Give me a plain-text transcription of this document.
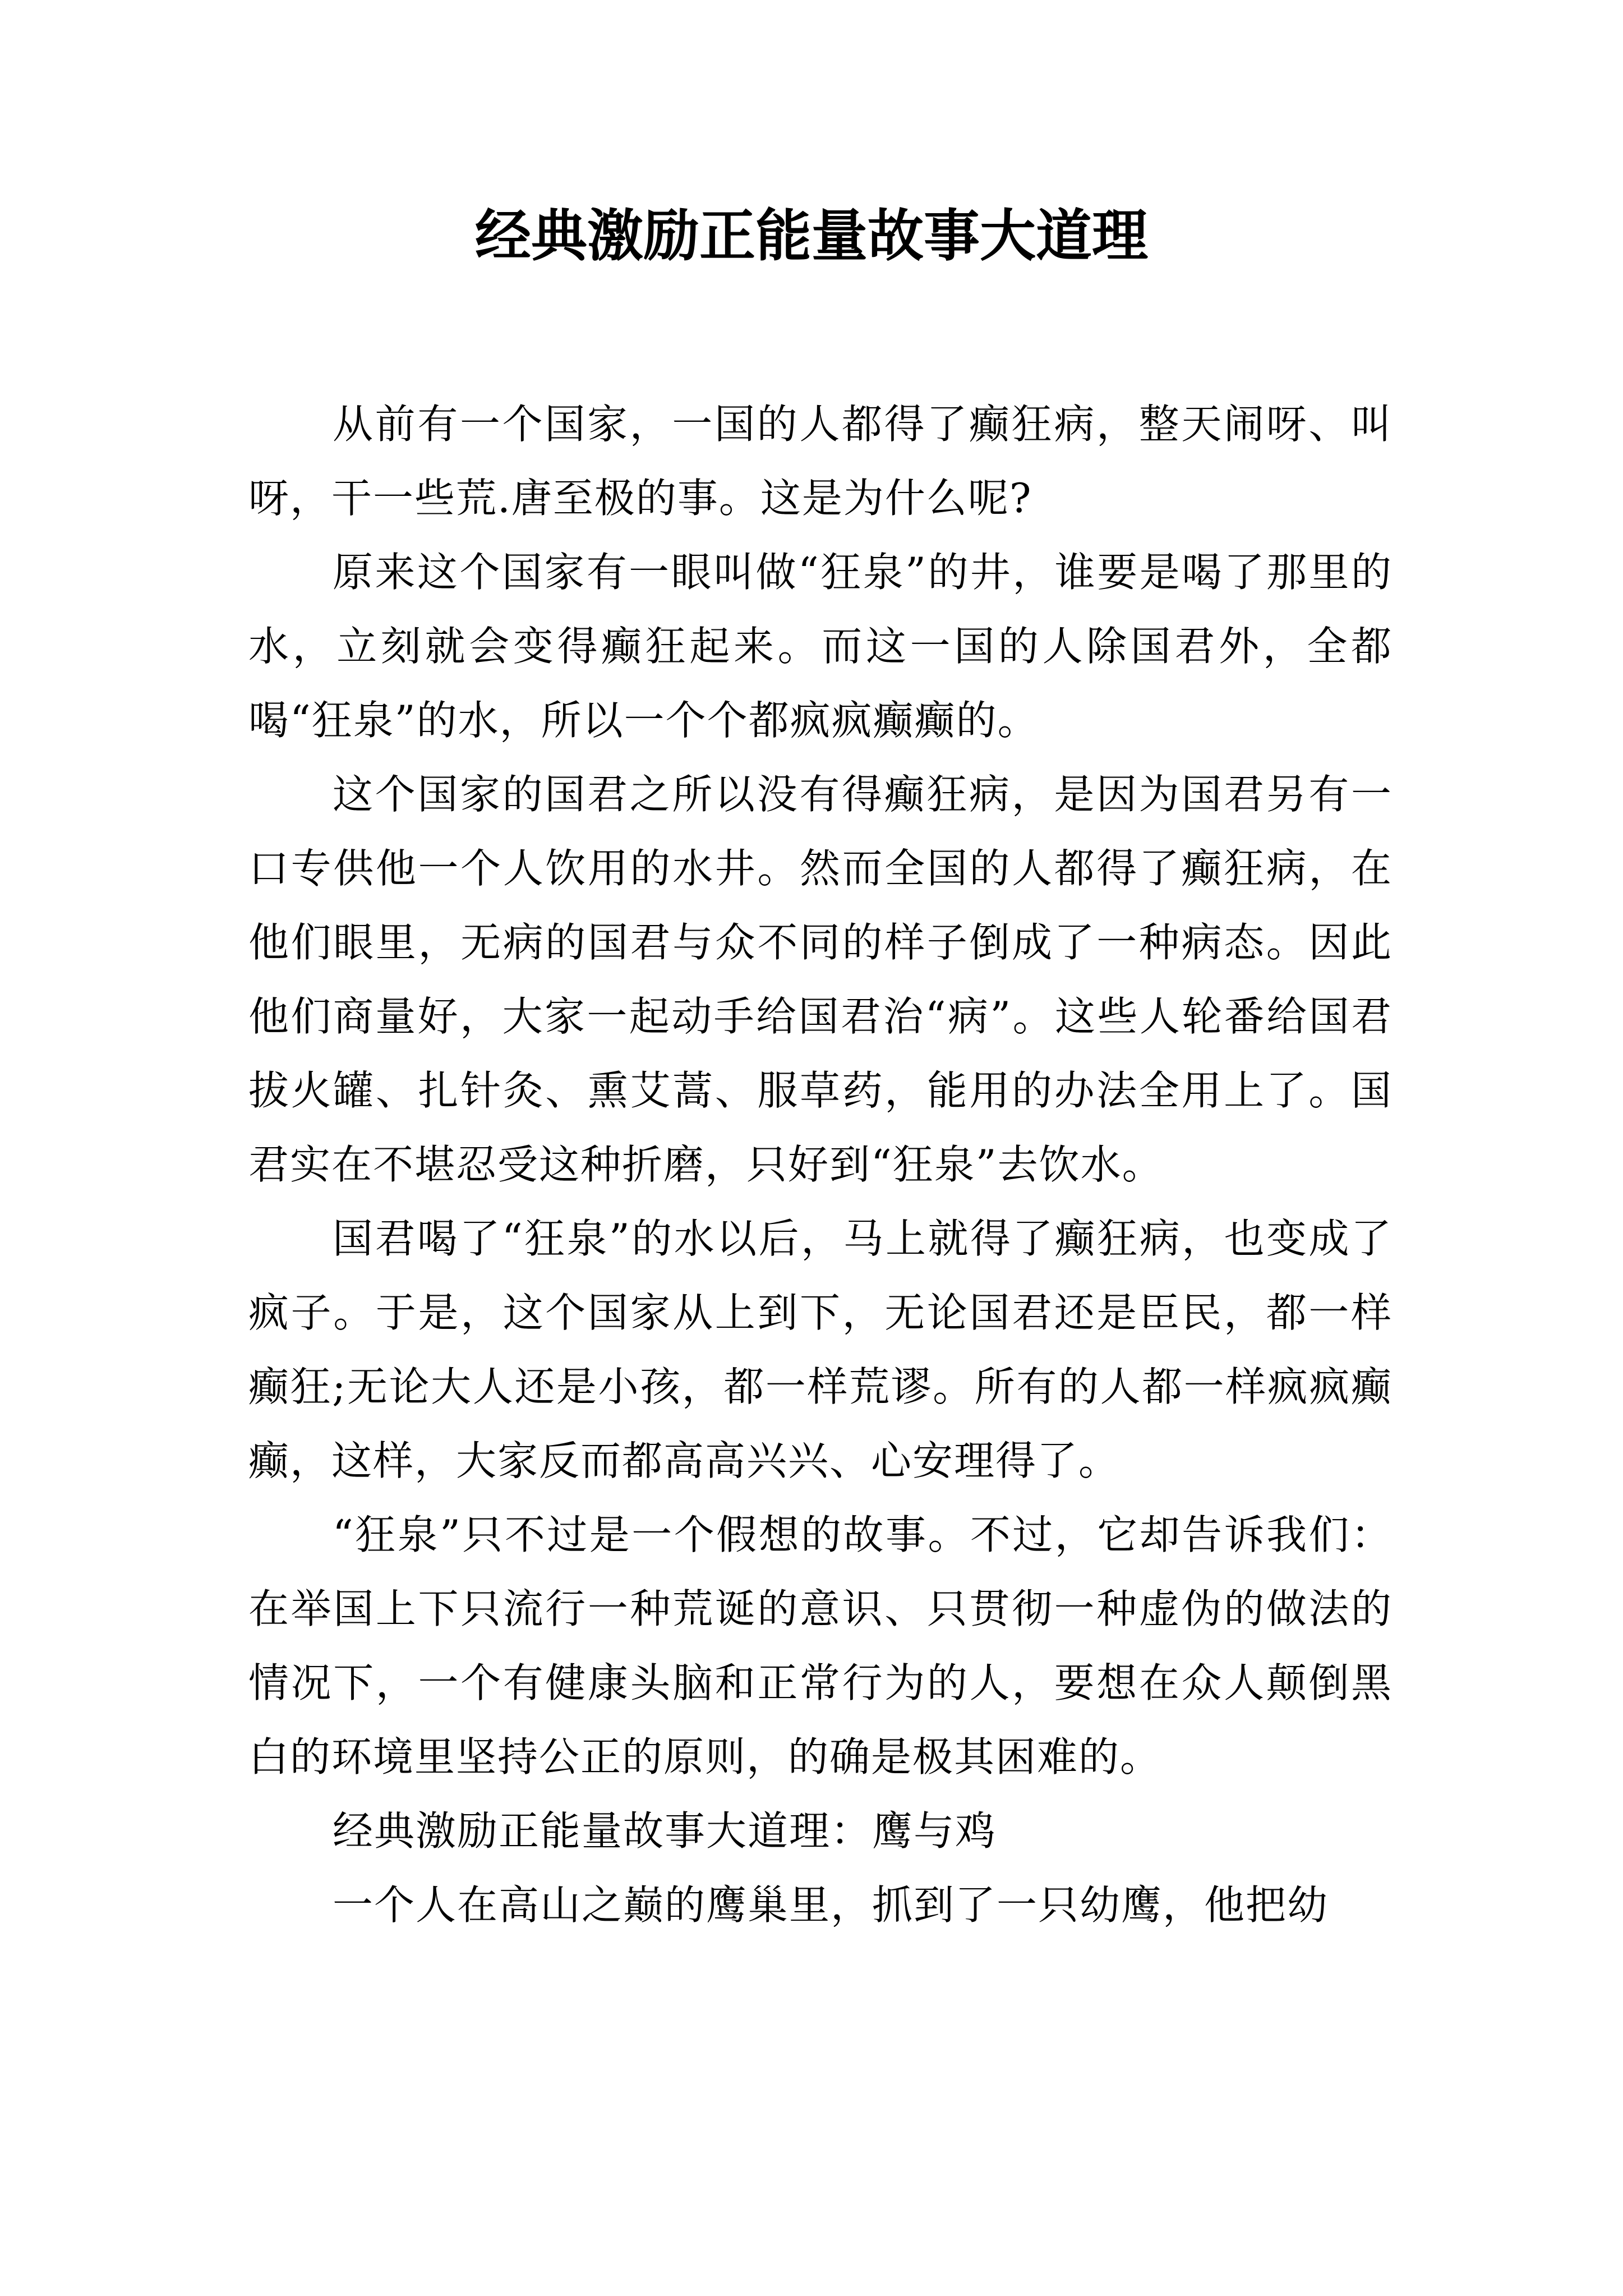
经典激励正能量故事大道理

从前有一个国家，一国的人都得了癫狂病，整天闹呀、叫呀，干一些荒.唐至极的事。这是为什么呢?

原来这个国家有一眼叫做“狂泉”的井，谁要是喝了那里的水，立刻就会变得癫狂起来。而这一国的人除国君外，全都喝“狂泉”的水，所以一个个都疯疯癫癫的。

这个国家的国君之所以没有得癫狂病，是因为国君另有一口专供他一个人饮用的水井。然而全国的人都得了癫狂病，在他们眼里，无病的国君与众不同的样子倒成了一种病态。因此他们商量好，大家一起动手给国君治“病”。这些人轮番给国君拔火罐、扎针灸、熏艾蒿、服草药，能用的办法全用上了。国君实在不堪忍受这种折磨，只好到“狂泉”去饮水。

国君喝了“狂泉”的水以后，马上就得了癫狂病，也变成了疯子。于是，这个国家从上到下，无论国君还是臣民，都一样癫狂;无论大人还是小孩，都一样荒谬。所有的人都一样疯疯癫癫，这样，大家反而都高高兴兴、心安理得了。

“狂泉”只不过是一个假想的故事。不过，它却告诉我们：在举国上下只流行一种荒诞的意识、只贯彻一种虚伪的做法的情况下，一个有健康头脑和正常行为的人，要想在众人颠倒黑白的环境里坚持公正的原则，的确是极其困难的。

经典激励正能量故事大道理：鹰与鸡

一个人在高山之巅的鹰巢里，抓到了一只幼鹰，他把幼
